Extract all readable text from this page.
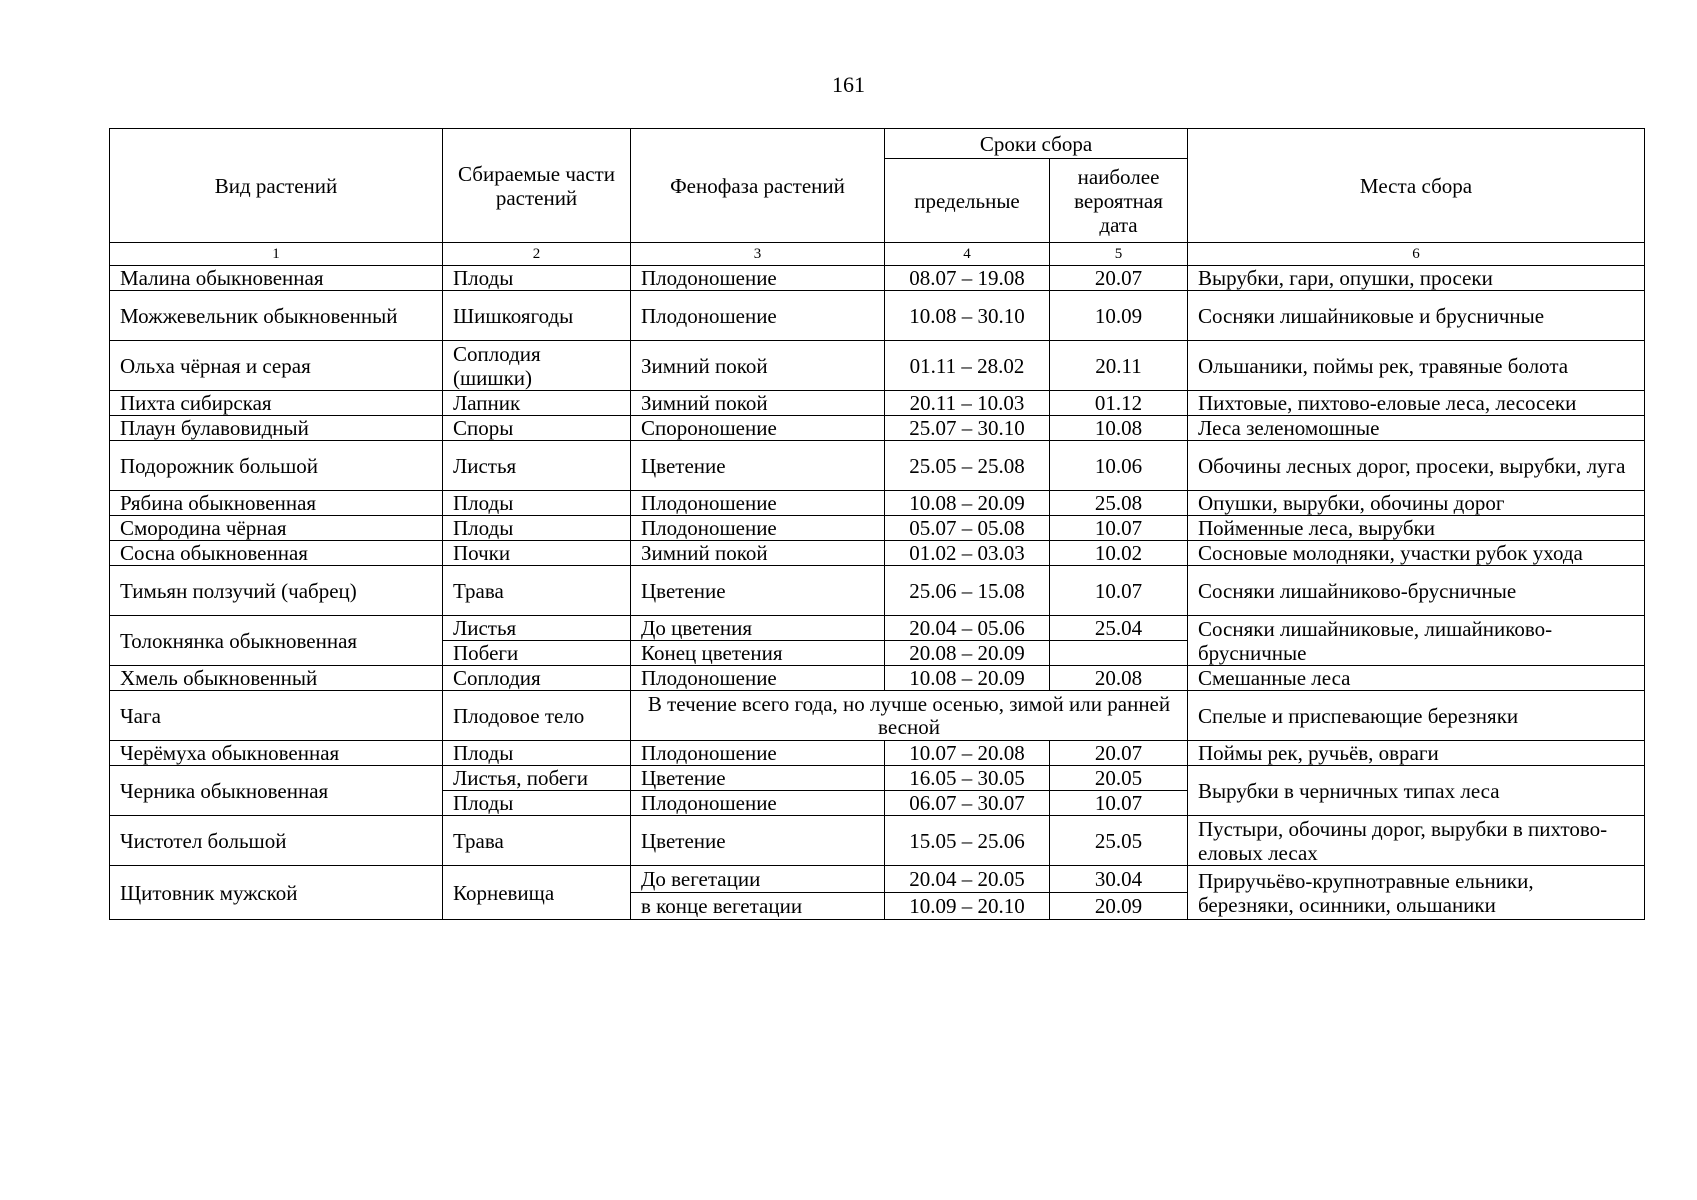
161
Вид растений	Сбираемые части растений	Фенофаза растений	Сроки сбора		Места сбора
			предельные	наиболее вероятная дата	
1	2	3	4	5	6
Малина обыкновенная	Плоды	Плодоношение	08.07 – 19.08	20.07	Вырубки, гари, опушки, просеки
Можжевельник обыкновенный	Шишкоягоды	Плодоношение	10.08 – 30.10	10.09	Сосняки лишайниковые и брусничные
Ольха чёрная и серая	Соплодия (шишки)	Зимний покой	01.11 – 28.02	20.11	Ольшаники, поймы рек, травяные болота
Пихта сибирская	Лапник	Зимний покой	20.11 – 10.03	01.12	Пихтовые, пихтово-еловые леса, лесосеки
Плаун булавовидный	Споры	Спороношение	25.07 – 30.10	10.08	Леса зеленомошные
Подорожник большой	Листья	Цветение	25.05 – 25.08	10.06	Обочины лесных дорог, просеки, вырубки, луга
Рябина обыкновенная	Плоды	Плодоношение	10.08 – 20.09	25.08	Опушки, вырубки, обочины дорог
Смородина чёрная	Плоды	Плодоношение	05.07 – 05.08	10.07	Пойменные леса, вырубки
Сосна обыкновенная	Почки	Зимний покой	01.02 – 03.03	10.02	Сосновые молодняки, участки рубок ухода
Тимьян ползучий (чабрец)	Трава	Цветение	25.06 – 15.08	10.07	Сосняки лишайниково-брусничные
Толокнянка обыкновенная	Листья	До цветения	20.04 – 05.06	25.04	Сосняки лишайниковые, лишайниково-брусничные
	Побеги	Конец цветения	20.08 – 20.09		
Хмель обыкновенный	Соплодия	Плодоношение	10.08 – 20.09	20.08	Смешанные леса
Чага	Плодовое тело	В течение всего года, но лучше осенью, зимой или ранней весной			Спелые и приспевающие березняки
Черёмуха обыкновенная	Плоды	Плодоношение	10.07 – 20.08	20.07	Поймы рек, ручьёв, овраги
Черника обыкновенная	Листья, побеги	Цветение	16.05 – 30.05	20.05	Вырубки в черничных типах леса
	Плоды	Плодоношение	06.07 – 30.07	10.07	
Чистотел большой	Трава	Цветение	15.05 – 25.06	25.05	Пустыри, обочины дорог, вырубки в пихтово-еловых лесах
Щитовник мужской	Корневища	До вегетации	20.04 – 20.05	30.04	Приручьёво-крупнотравные ельники, березняки, осинники, ольшаники
		в конце вегетации	10.09 – 20.10	20.09	
